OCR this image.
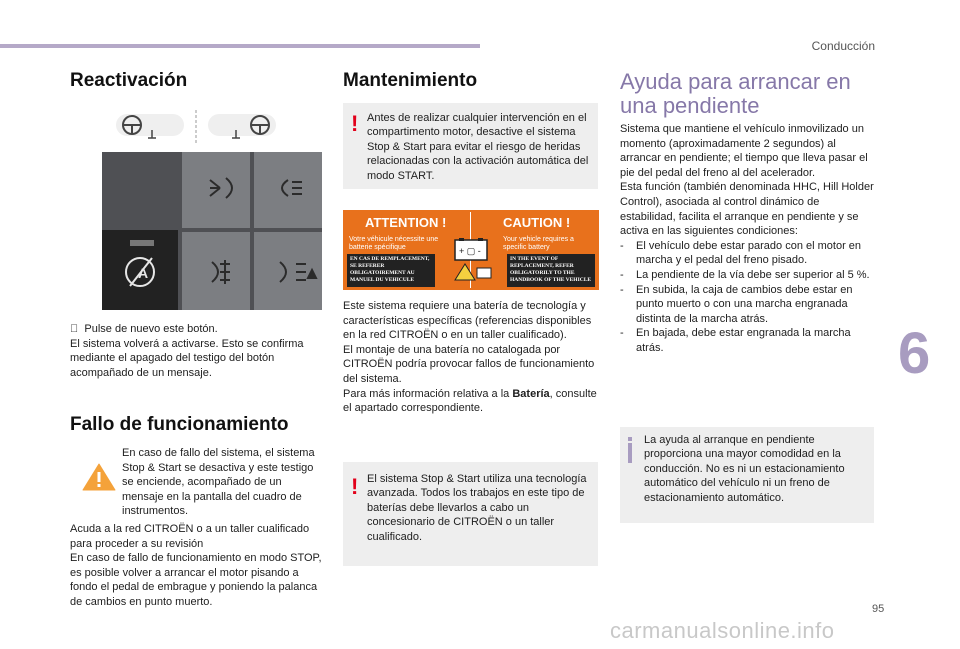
Conducción
6
95
carmanualsonline.info
Reactivación
A

Pulse de nuevo este botón.

El sistema volverá a activarse. Esto se confirma mediante el apagado del testigo del botón acompañado de un mensaje.

Fallo de funcionamiento
En caso de fallo del sistema, el sistema Stop & Start se desactiva y este testigo se enciende, acompañado de un mensaje en la pantalla del cuadro de instrumentos.

Acuda a la red CITROËN o a un taller cualificado para proceder a su revisión

En caso de fallo de funcionamiento en modo STOP, es posible volver a arrancar el motor pisando a fondo el pedal de embrague y poniendo la palanca de cambios en punto muerto.

Mantenimiento
! Antes de realizar cualquier intervención en el compartimento motor, desactive el sistema Stop & Start para evitar el riesgo de heridas relacionadas con la activación automática del modo START.
ATTENTION !	CAUTION !
Votre véhicule nécessite une batterie spécifique
Your vehicle requires a specific battery
EN CAS DE REMPLACEMENT, SE REFERER OBLIGATOIREMENT AU MANUEL DU VEHICULE
IN THE EVENT OF REPLACEMENT, REFER OBLIGATORILY TO THE HANDBOOK OF THE VEHICLE
+ ▢ -

Este sistema requiere una batería de tecnología y características específicas (referencias disponibles en la red CITROËN o en un taller cualificado).

El montaje de una batería no catalogada por CITROËN podría provocar fallos de funcionamiento del sistema.

Para más información relativa a la Batería, consulte el apartado correspondiente.

! El sistema Stop & Start utiliza una tecnología avanzada. Todos los trabajos en este tipo de baterías debe llevarlos a cabo un concesionario de CITROËN o un taller cualificado.
Ayuda para arrancar en
una pendiente

Sistema que mantiene el vehículo inmovilizado un momento (aproximadamente 2 segundos) al arrancar en pendiente; el tiempo que lleva pasar el pie del pedal del freno al del acelerador.

Esta función (también denominada HHC, Hill Holder Control), asociada al control dinámico de estabilidad, facilita el arranque en pendiente y se activa en las siguientes condiciones:

- El vehículo debe estar parado con el motor en marcha y el pedal del freno pisado.
- La pendiente de la vía debe ser superior al 5 %.
- En subida, la caja de cambios debe estar en punto muerto o con una marcha engranada distinta de la marcha atrás.
- En bajada, debe estar engranada la marcha atrás.
La ayuda al arranque en pendiente proporciona una mayor comodidad en la conducción. No es ni un estacionamiento automático del vehículo ni un freno de estacionamiento automático.
